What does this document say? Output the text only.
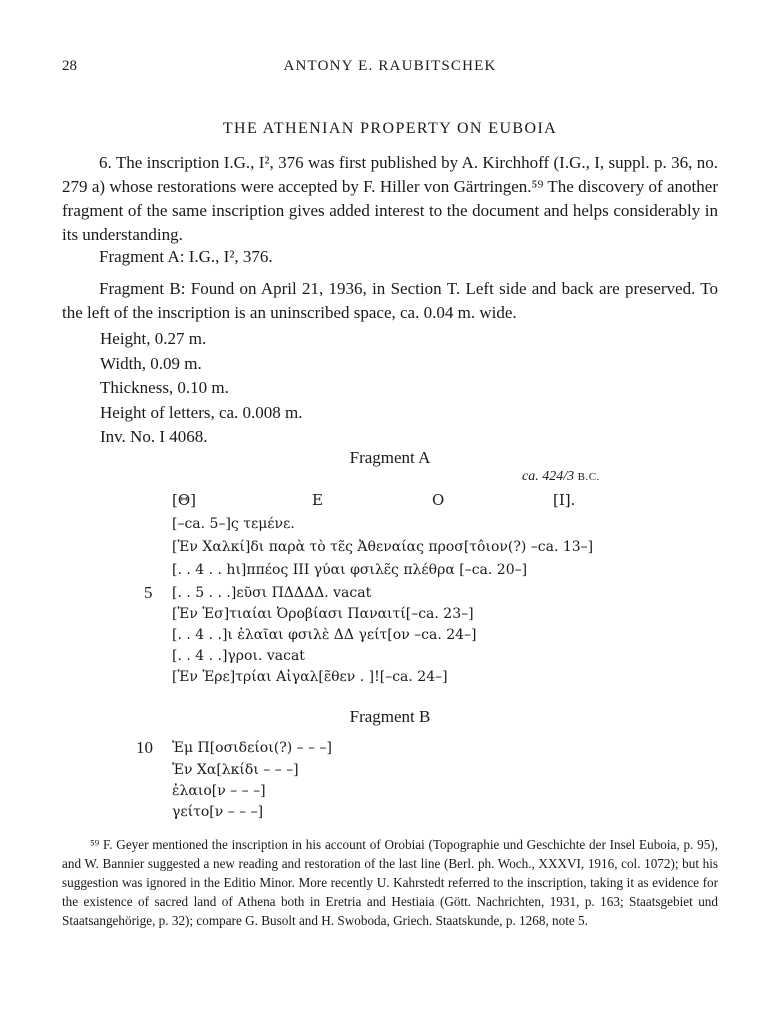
28	ANTONY E. RAUBITSCHEK
THE ATHENIAN PROPERTY ON EUBOIA

6. The inscription I.G., I², 376 was first published by A. Kirchhoff (I.G., I, suppl. p. 36, no. 279 a) whose restorations were accepted by F. Hiller von Gärtringen.⁵⁹ The discovery of another fragment of the same inscription gives added interest to the document and helps considerably in its understanding.

Fragment A: I.G., I², 376.

Fragment B: Found on April 21, 1936, in Section Τ. Left side and back are preserved. To the left of the inscription is an uninscribed space, ca. 0.04 m. wide.

Height, 0.27 m.
Width, 0.09 m.
Thickness, 0.10 m.
Height of letters, ca. 0.008 m.
Inv. No. I 4068.
Fragment A
ca. 424/3 B.C.
[Θ]	Ε	Ο	[Ι].
[–ca. 5–]ς τεμένε.
[Ἐν Χαλκί]δι παρὰ τὸ τε̃ς Ἀθεναίας προσ[τôιον(?) –ca. 13–]
[. . 4 . . hι]ππέος ΙΙΙ γύαι φσιλε̃ς πλέθρα [–ca. 20–]
5 [. . 5 . . .]εῦσι ΠΔΔΔΔ. vacat
[Ἐν Ἑσ]τιαίαι Ὀροβίασι Παναιτί[–ca. 23–]
[. . 4 . .]ι ἐλαῖαι φσιλὲ ΔΔ γείτ[ον –ca. 24–]
[. . 4 . .]γροι. vacat
[Ἐν Ἐρε]τρίαι Αἰγαλ[ε̃θεν . ]![–ca. 24–]
Fragment B
10 Ἐμ Π[οσιδείοι(?) – – –]
Ἐν Χα[λκίδι – – –]
ἐλαιο[ν – – –]
γείτο[ν – – –]

⁵⁹ F. Geyer mentioned the inscription in his account of Orobiai (Topographie und Geschichte der Insel Euboia, p. 95), and W. Bannier suggested a new reading and restoration of the last line (Berl. ph. Woch., XXXVI, 1916, col. 1072); but his suggestion was ignored in the Editio Minor. More recently U. Kahrstedt referred to the inscription, taking it as evidence for the existence of sacred land of Athena both in Eretria and Hestiaia (Gött. Nachrichten, 1931, p. 163; Staatsgebiet und Staatsangehörige, p. 32); compare G. Busolt and H. Swoboda, Griech. Staatskunde, p. 1268, note 5.
